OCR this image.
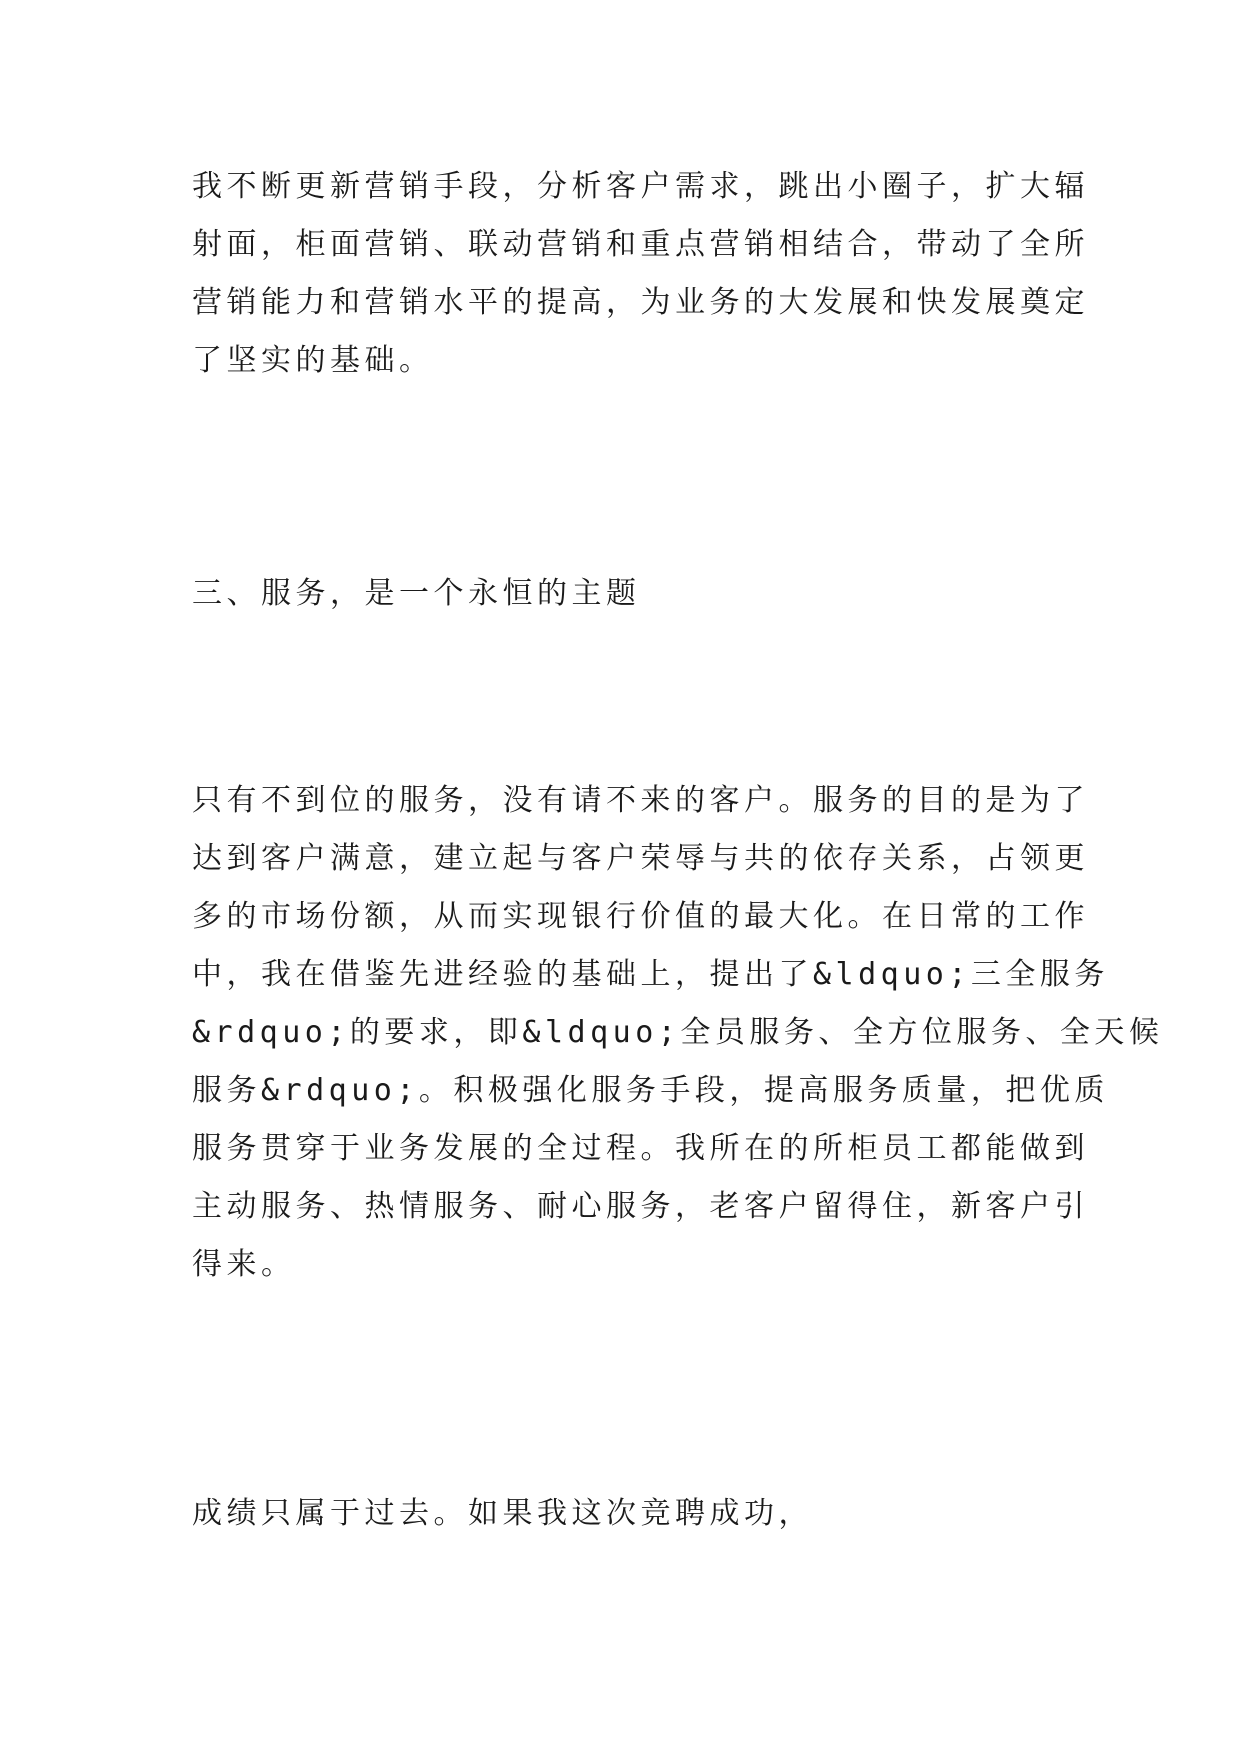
我不断更新营销手段，分析客户需求，跳出小圈子，扩大辐
射面，柜面营销、联动营销和重点营销相结合，带动了全所
营销能力和营销水平的提高，为业务的大发展和快发展奠定
了坚实的基础。
三、服务，是一个永恒的主题
只有不到位的服务，没有请不来的客户。服务的目的是为了
达到客户满意，建立起与客户荣辱与共的依存关系，占领更
多的市场份额，从而实现银行价值的最大化。在日常的工作
中，我在借鉴先进经验的基础上，提出了&ldquo;三全服务
&rdquo;的要求，即&ldquo;全员服务、全方位服务、全天候
服务&rdquo;。积极强化服务手段，提高服务质量，把优质
服务贯穿于业务发展的全过程。我所在的所柜员工都能做到
主动服务、热情服务、耐心服务，老客户留得住，新客户引
得来。
成绩只属于过去。如果我这次竞聘成功，
